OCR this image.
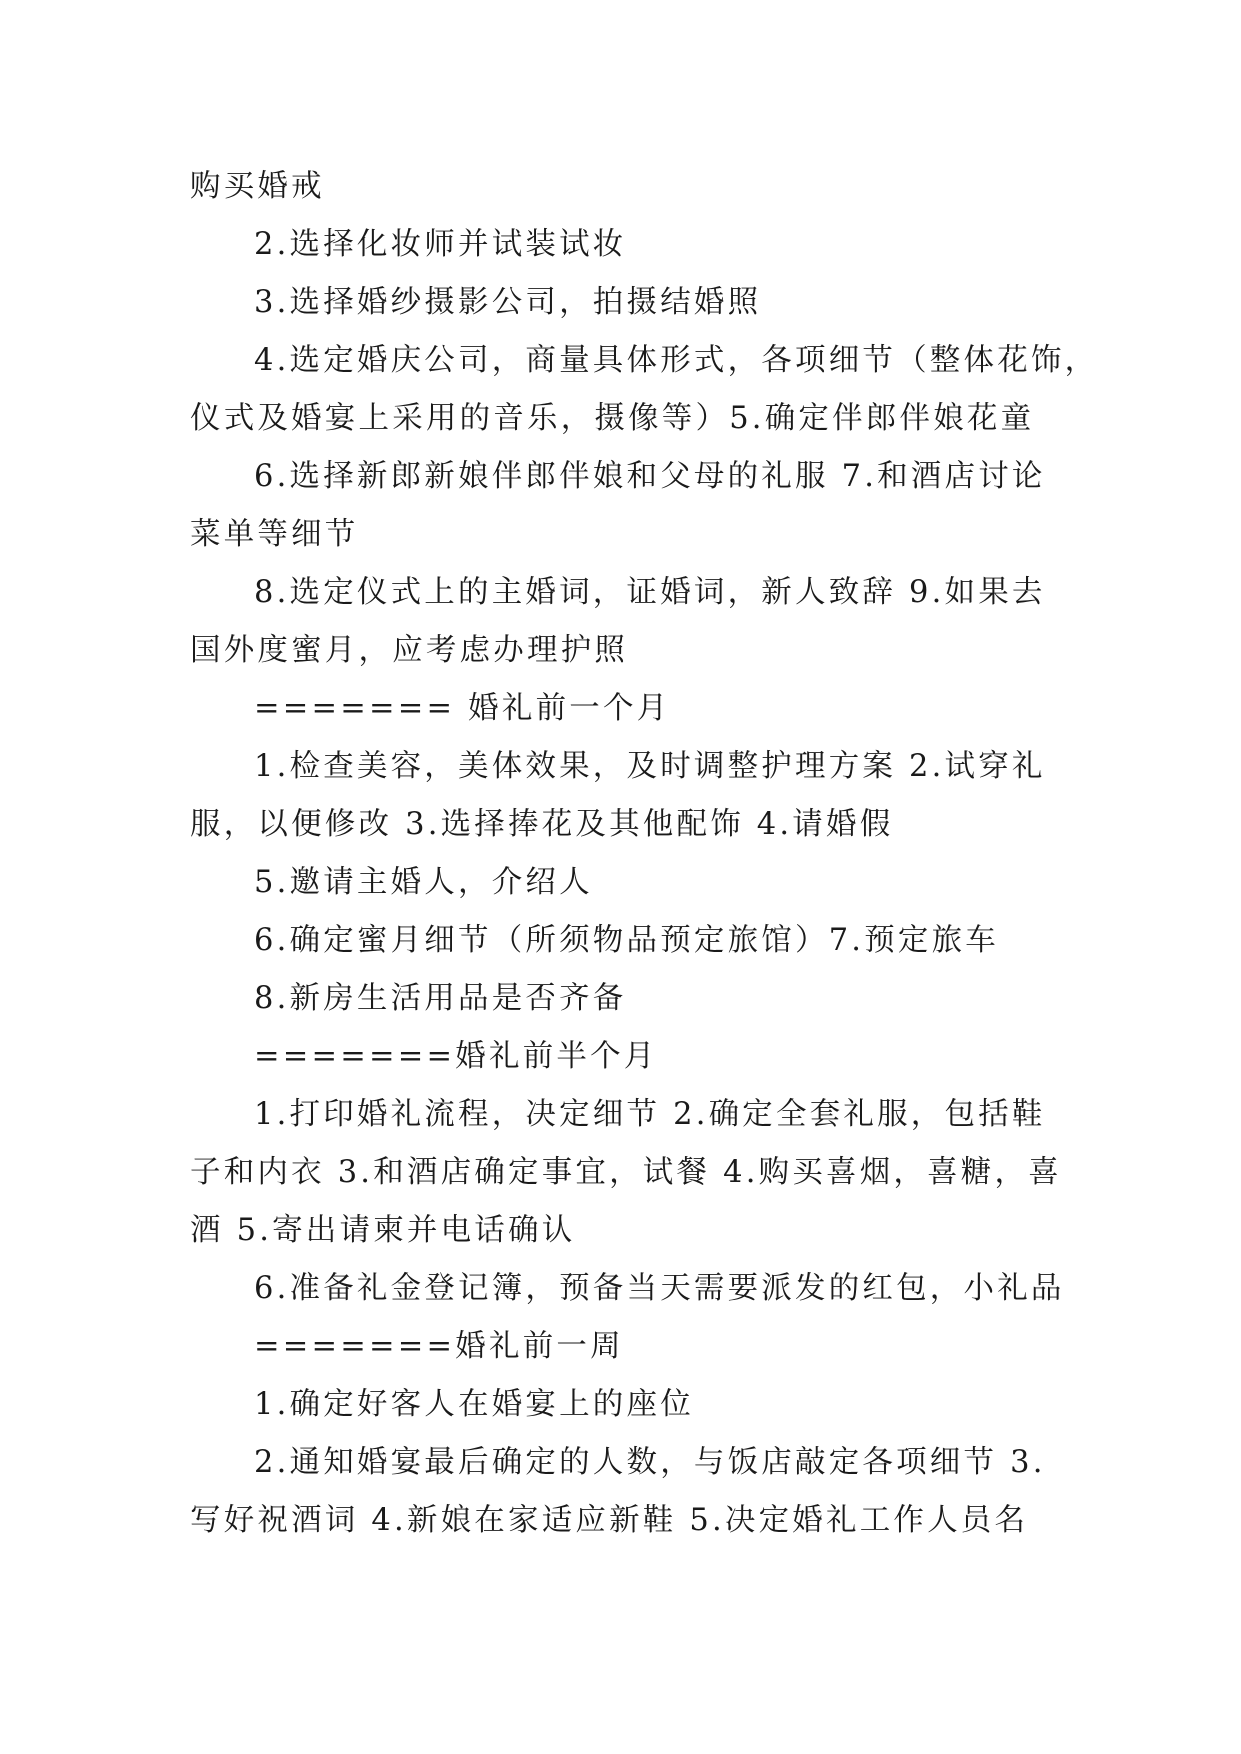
购买婚戒
2.选择化妆师并试装试妆
3.选择婚纱摄影公司，拍摄结婚照
4.选定婚庆公司，商量具体形式，各项细节（整体花饰，
仪式及婚宴上采用的音乐，摄像等）5.确定伴郎伴娘花童
6.选择新郎新娘伴郎伴娘和父母的礼服 7.和酒店讨论
菜单等细节
8.选定仪式上的主婚词，证婚词，新人致辞 9.如果去
国外度蜜月，应考虑办理护照
======= 婚礼前一个月
1.检查美容，美体效果，及时调整护理方案 2.试穿礼
服，以便修改 3.选择捧花及其他配饰 4.请婚假
5.邀请主婚人，介绍人
6.确定蜜月细节（所须物品预定旅馆）7.预定旅车
8.新房生活用品是否齐备
=======婚礼前半个月
1.打印婚礼流程，决定细节 2.确定全套礼服，包括鞋
子和内衣 3.和酒店确定事宜，试餐 4.购买喜烟，喜糖，喜
酒 5.寄出请柬并电话确认
6.准备礼金登记簿，预备当天需要派发的红包，小礼品
=======婚礼前一周
1.确定好客人在婚宴上的座位
2.通知婚宴最后确定的人数，与饭店敲定各项细节 3.
写好祝酒词 4.新娘在家适应新鞋 5.决定婚礼工作人员名
